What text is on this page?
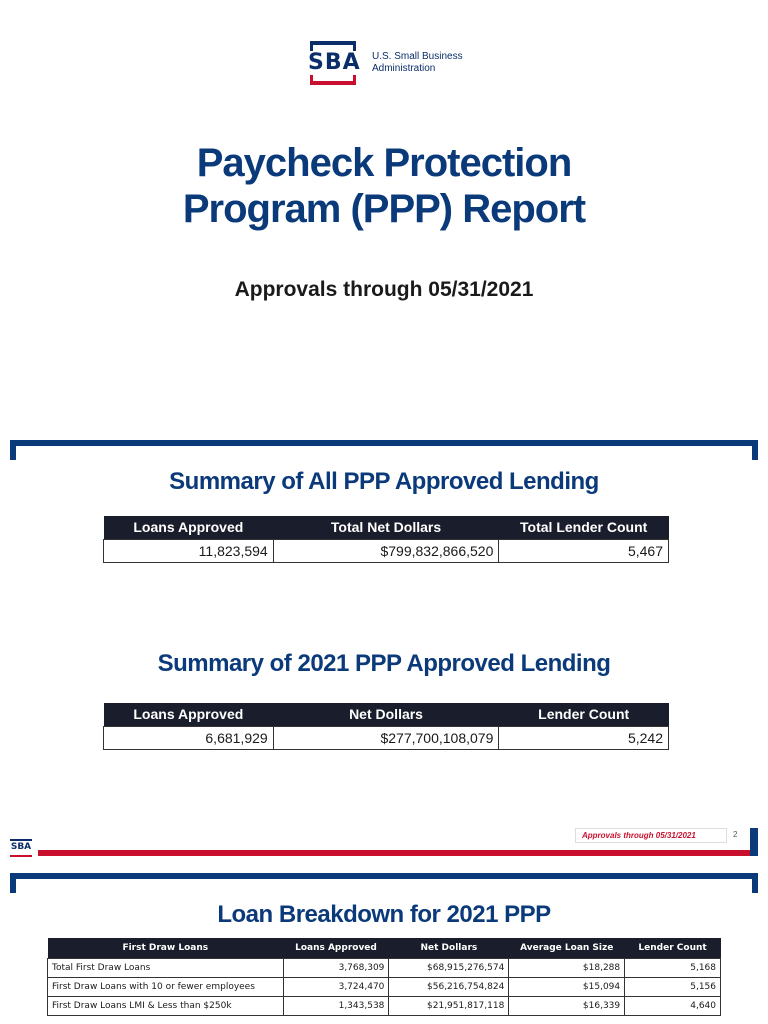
SBA U.S. Small Business Administration
Paycheck Protection
Program (PPP) Report
Approvals through 05/31/2021
Summary of All PPP Approved Lending
Loans Approved	Total Net Dollars	Total Lender Count
11,823,594	$799,832,866,520	5,467
Summary of 2021 PPP Approved Lending
Loans Approved	Net Dollars	Lender Count
6,681,929	$277,700,108,079	5,242
Approvals through 05/31/2021	2
SBA
Loan Breakdown for 2021 PPP
First Draw Loans	Loans Approved	Net Dollars	Average Loan Size	Lender Count
Total First Draw Loans	3,768,309	$68,915,276,574	$18,288	5,168
First Draw Loans with 10 or fewer employees	3,724,470	$56,216,754,824	$15,094	5,156
First Draw Loans LMI & Less than $250k	1,343,538	$21,951,817,118	$16,339	4,640
